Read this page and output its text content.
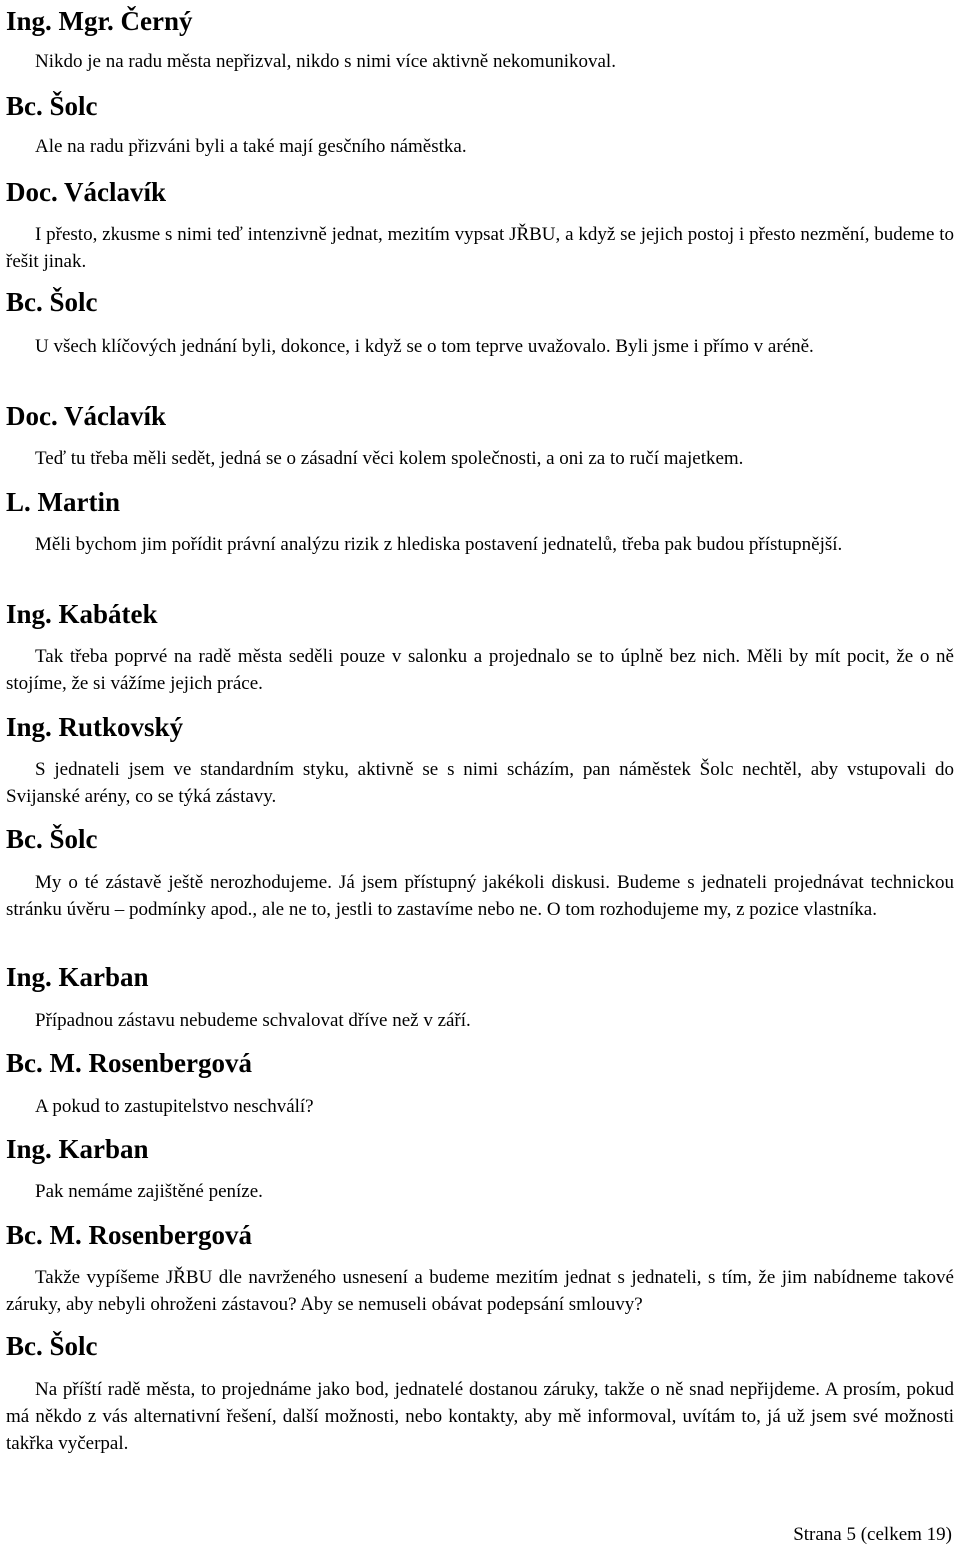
Ing. Mgr. Černý

Nikdo je na radu města nepřizval, nikdo s nimi více aktivně nekomunikoval.

Bc. Šolc

Ale na radu přizváni byli a také mají gesčního náměstka.

Doc. Václavík

I přesto, zkusme s nimi teď intenzivně jednat, mezitím vypsat JŘBU, a když se jejich postoj i přesto nezmění, budeme to řešit jinak.

Bc. Šolc

U všech klíčových jednání byli, dokonce, i když se o tom teprve uvažovalo. Byli jsme i přímo v aréně.

Doc. Václavík

Teď tu třeba měli sedět, jedná se o zásadní věci kolem společnosti, a oni za to ručí majetkem.

L. Martin

Měli bychom jim pořídit právní analýzu rizik z hlediska postavení jednatelů, třeba pak budou přístupnější.

Ing. Kabátek

Tak třeba poprvé na radě města seděli pouze v salonku a projednalo se to úplně bez nich. Měli by mít pocit, že o ně stojíme, že si vážíme jejich práce.

Ing. Rutkovský

S jednateli jsem ve standardním styku, aktivně se s nimi scházím, pan náměstek Šolc nechtěl, aby vstupovali do Svijanské arény, co se týká zástavy.

Bc. Šolc

My o té zástavě ještě nerozhodujeme. Já jsem přístupný jakékoli diskusi. Budeme s jednateli projednávat technickou stránku úvěru – podmínky apod., ale ne to, jestli to zastavíme nebo ne. O tom rozhodujeme my, z pozice vlastníka.

Ing. Karban

Případnou zástavu nebudeme schvalovat dříve než v září.

Bc. M. Rosenbergová

A pokud to zastupitelstvo neschválí?

Ing. Karban

Pak nemáme zajištěné peníze.

Bc. M. Rosenbergová

Takže vypíšeme JŘBU dle navrženého usnesení a budeme mezitím jednat s jednateli, s tím, že jim nabídneme takové záruky, aby nebyli ohroženi zástavou? Aby se nemuseli obávat podepsání smlouvy?

Bc. Šolc

Na příští radě města, to projednáme jako bod, jednatelé dostanou záruky, takže o ně snad nepřijdeme. A prosím, pokud má někdo z vás alternativní řešení, další možnosti, nebo kontakty, aby mě informoval, uvítám to, já už jsem své možnosti takřka vyčerpal.

Strana 5 (celkem 19)
